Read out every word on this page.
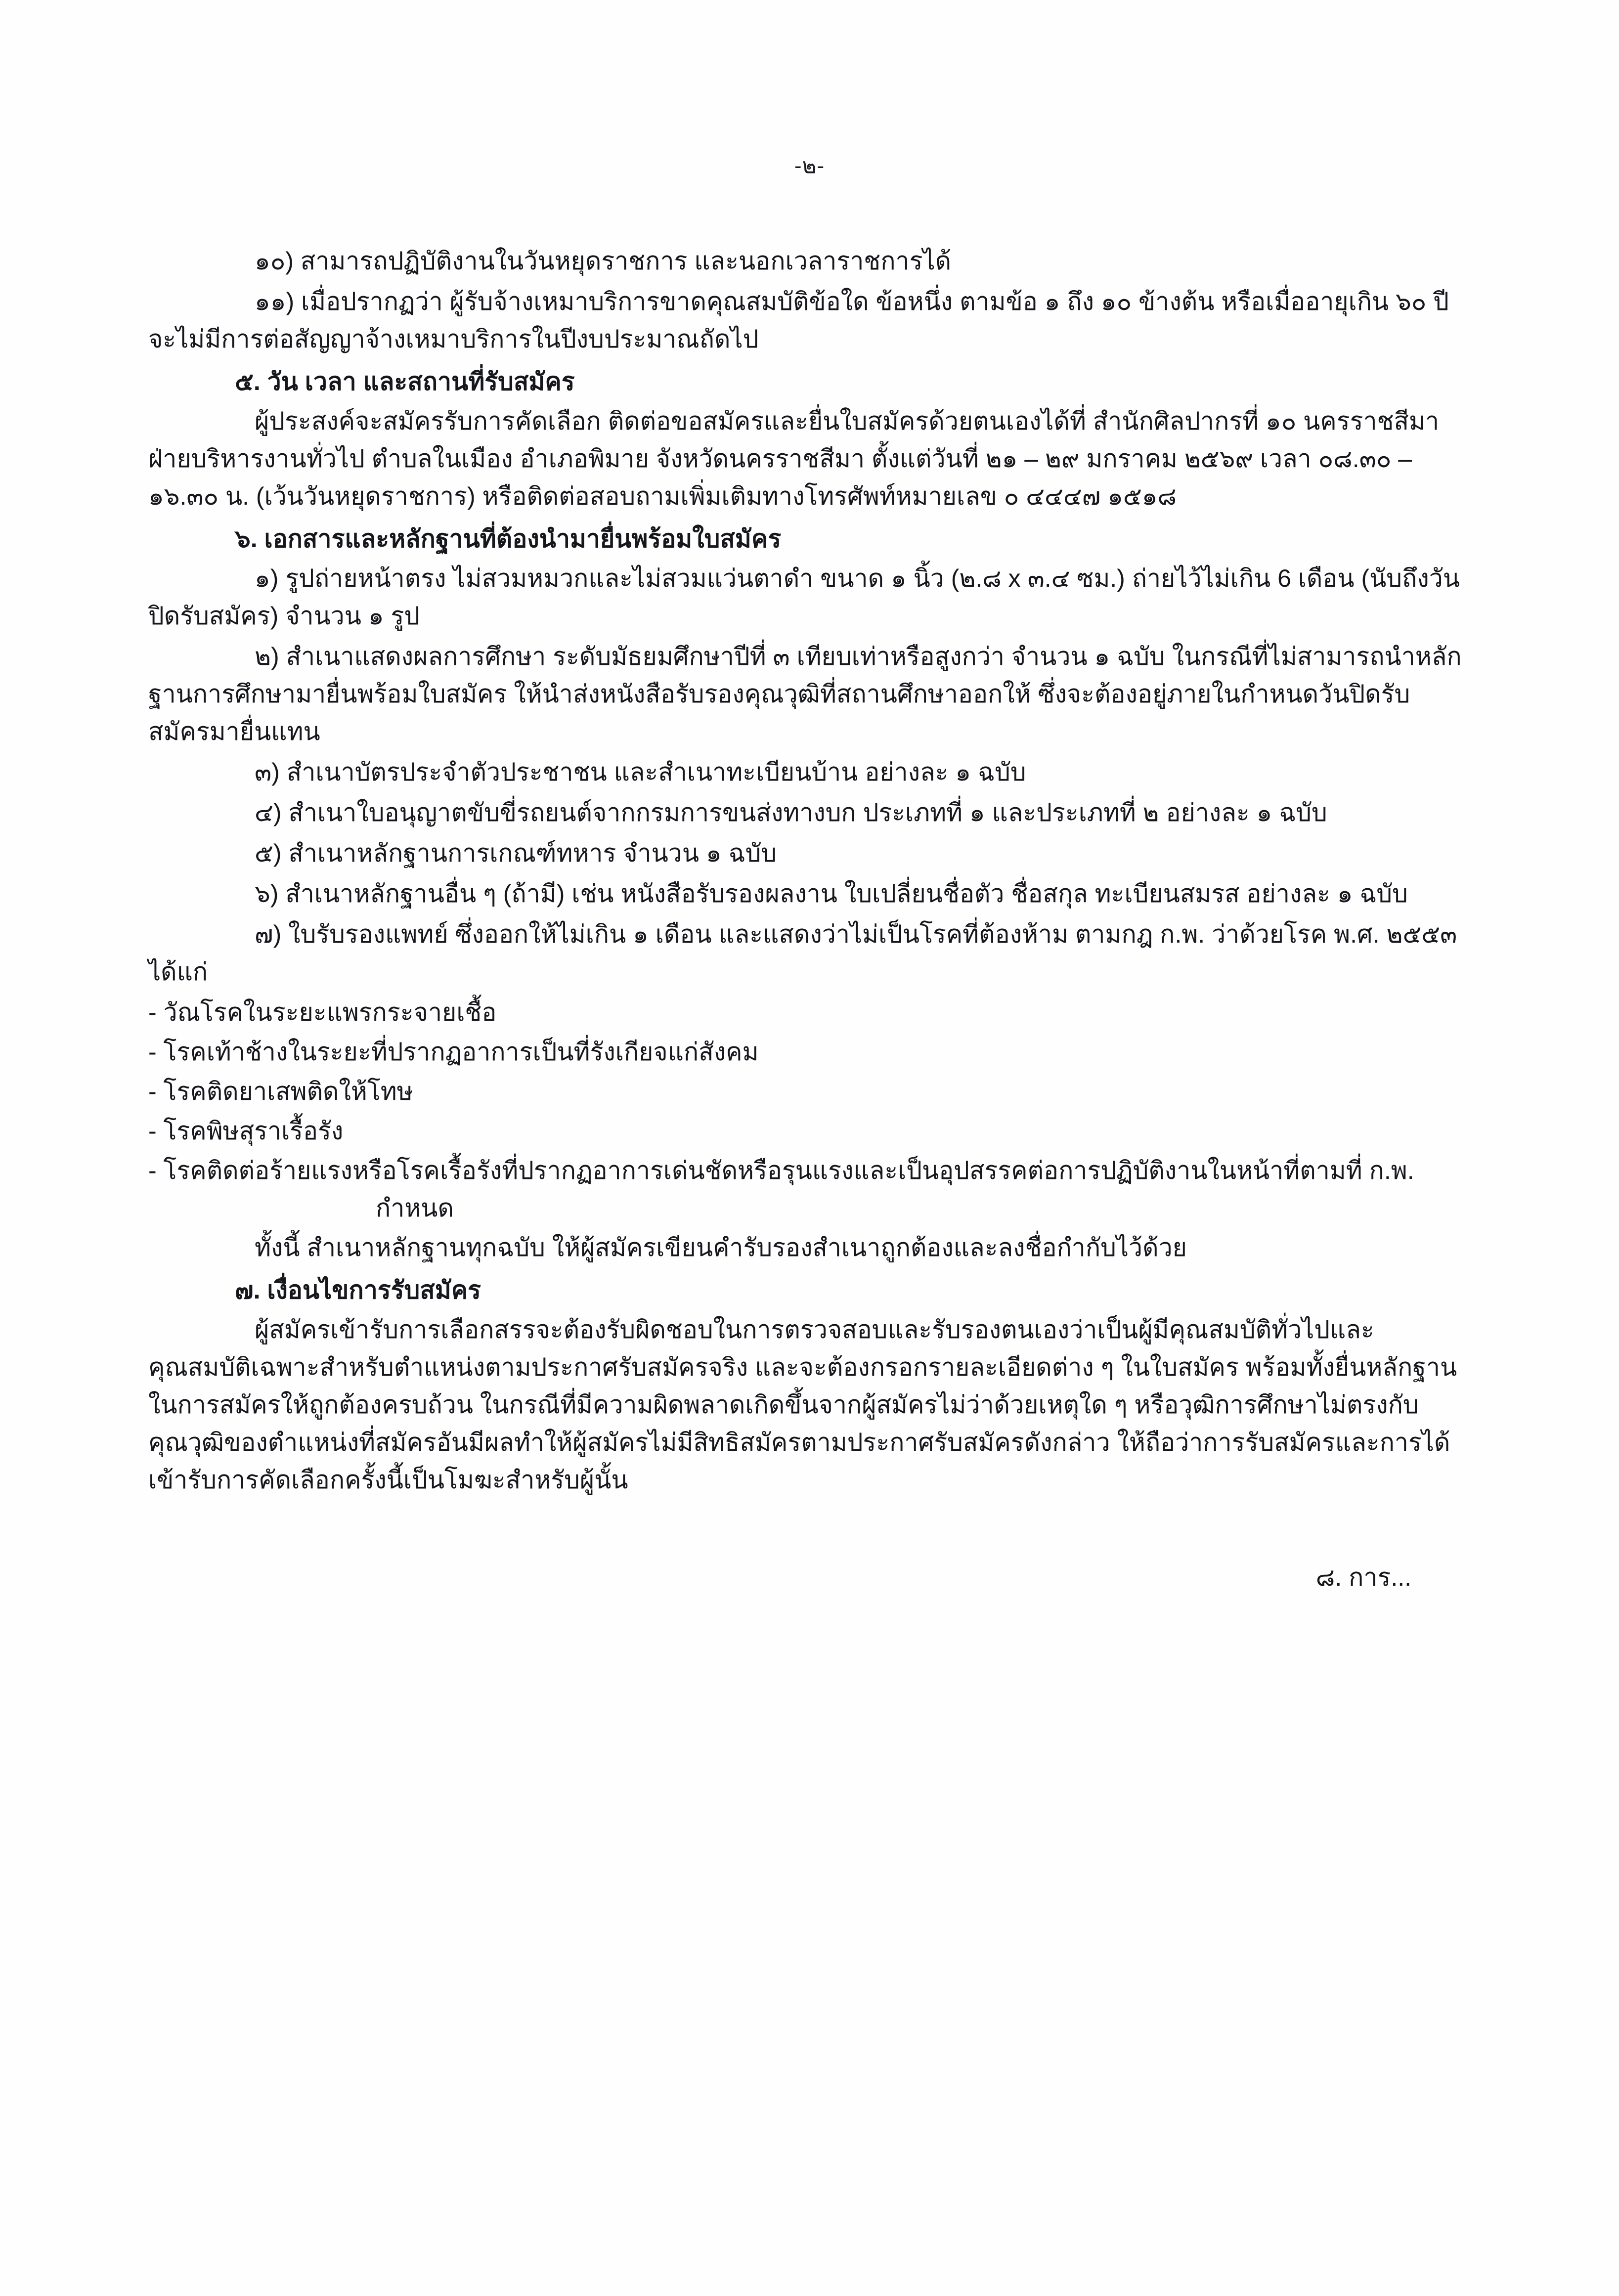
-๒-

๑๐) สามารถปฏิบัติงานในวันหยุดราชการ และนอกเวลาราชการได้

๑๑) เมื่อปรากฏว่า ผู้รับจ้างเหมาบริการขาดคุณสมบัติข้อใด ข้อหนึ่ง ตามข้อ ๑ ถึง ๑๐ ข้างต้น หรือเมื่ออายุเกิน ๖๐ ปี จะไม่มีการต่อสัญญาจ้างเหมาบริการในปีงบประมาณถัดไป

๕. วัน เวลา และสถานที่รับสมัคร

ผู้ประสงค์จะสมัครรับการคัดเลือก ติดต่อขอสมัครและยื่นใบสมัครด้วยตนเองได้ที่ สำนักศิลปากรที่ ๑๐ นครราชสีมา ฝ่ายบริหารงานทั่วไป ตำบลในเมือง อำเภอพิมาย จังหวัดนครราชสีมา ตั้งแต่วันที่ ๒๑ – ๒๙ มกราคม ๒๕๖๙ เวลา ๐๘.๓๐ – ๑๖.๓๐ น. (เว้นวันหยุดราชการ) หรือติดต่อสอบถามเพิ่มเติมทางโทรศัพท์หมายเลข ๐ ๔๔๔๗ ๑๕๑๘

๖. เอกสารและหลักฐานที่ต้องนำมายื่นพร้อมใบสมัคร

๑) รูปถ่ายหน้าตรง ไม่สวมหมวกและไม่สวมแว่นตาดำ ขนาด ๑ นิ้ว (๒.๘ x ๓.๔ ซม.) ถ่ายไว้ไม่เกิน 6 เดือน (นับถึงวันปิดรับสมัคร) จำนวน ๑ รูป

๒) สำเนาแสดงผลการศึกษา ระดับมัธยมศึกษาปีที่ ๓ เทียบเท่าหรือสูงกว่า จำนวน ๑ ฉบับ ในกรณีที่ไม่สามารถนำหลักฐานการศึกษามายื่นพร้อมใบสมัคร ให้นำส่งหนังสือรับรองคุณวุฒิที่สถานศึกษาออกให้ ซึ่งจะต้องอยู่ภายในกำหนดวันปิดรับสมัครมายื่นแทน

๓) สำเนาบัตรประจำตัวประชาชน และสำเนาทะเบียนบ้าน อย่างละ ๑ ฉบับ

๔) สำเนาใบอนุญาตขับขี่รถยนต์จากกรมการขนส่งทางบก ประเภทที่ ๑ และประเภทที่ ๒ อย่างละ ๑ ฉบับ

๕) สำเนาหลักฐานการเกณฑ์ทหาร จำนวน ๑ ฉบับ

๖) สำเนาหลักฐานอื่น ๆ (ถ้ามี) เช่น หนังสือรับรองผลงาน ใบเปลี่ยนชื่อตัว ชื่อสกุล ทะเบียนสมรส อย่างละ ๑ ฉบับ

๗) ใบรับรองแพทย์ ซึ่งออกให้ไม่เกิน ๑ เดือน และแสดงว่าไม่เป็นโรคที่ต้องห้าม ตามกฎ ก.พ. ว่าด้วยโรค พ.ศ. ๒๕๕๓ ได้แก่

- วัณโรคในระยะแพรกระจายเชื้อ
- โรคเท้าช้างในระยะที่ปรากฏอาการเป็นที่รังเกียจแก่สังคม
- โรคติดยาเสพติดให้โทษ
- โรคพิษสุราเรื้อรัง
- โรคติดต่อร้ายแรงหรือโรคเรื้อรังที่ปรากฏอาการเด่นชัดหรือรุนแรงและเป็นอุปสรรคต่อการปฏิบัติงานในหน้าที่ตามที่ ก.พ. กำหนด

ทั้งนี้ สำเนาหลักฐานทุกฉบับ ให้ผู้สมัครเขียนคำรับรองสำเนาถูกต้องและลงชื่อกำกับไว้ด้วย

๗. เงื่อนไขการรับสมัคร

ผู้สมัครเข้ารับการเลือกสรรจะต้องรับผิดชอบในการตรวจสอบและรับรองตนเองว่าเป็นผู้มีคุณสมบัติทั่วไปและคุณสมบัติเฉพาะสำหรับตำแหน่งตามประกาศรับสมัครจริง และจะต้องกรอกรายละเอียดต่าง ๆ ในใบสมัคร พร้อมทั้งยื่นหลักฐานในการสมัครให้ถูกต้องครบถ้วน ในกรณีที่มีความผิดพลาดเกิดขึ้นจากผู้สมัครไม่ว่าด้วยเหตุใด ๆ หรือวุฒิการศึกษาไม่ตรงกับคุณวุฒิของตำแหน่งที่สมัครอันมีผลทำให้ผู้สมัครไม่มีสิทธิสมัครตามประกาศรับสมัครดังกล่าว ให้ถือว่าการรับสมัครและการได้เข้ารับการคัดเลือกครั้งนี้เป็นโมฆะสำหรับผู้นั้น

๘. การ...
